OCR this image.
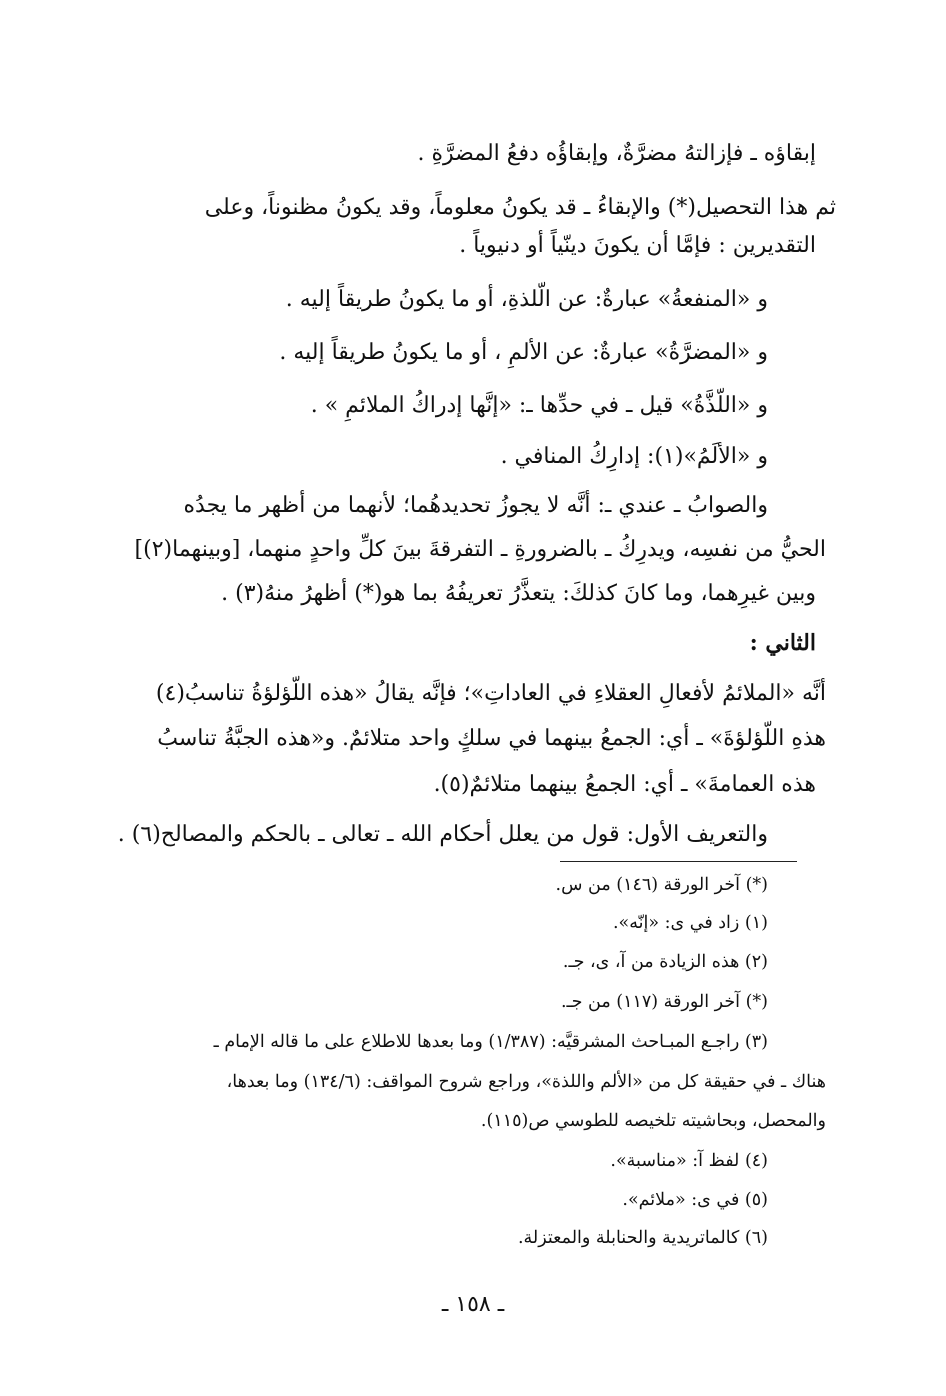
إبقاؤه ـ فإزالتهُ مضرَّةٌ، وإبقاؤُه دفعُ المضرَّةِ .
ثم هذا التحصيل(*) والإبقاءُ ـ قد يكونُ معلوماً، وقد يكونُ مظنوناً، وعلى
التقديرين : فإمَّا أن يكونَ دينّياً أو دنيوياً .
و «المنفعةُ» عبارةٌ: عن الّلذةِ، أو ما يكونُ طريقاً إليه .
و «المضرَّةُ» عبارةٌ: عن الألمِ ، أو ما يكونُ طريقاً إليه .
و «اللّذَّةُ» قيل ـ في حدِّها ـ: «إنَّها إدراكُ الملائمِ » .
و «الألَمُ»(١): إدارِكُ المنافي .
والصوابُ ـ عندي ـ: أنَّه لا يجوزُ تحديدهُما؛ لأنهما من أظهر ما يجدُه
الحيُّ من نفسِه، ويدرِكُ ـ بالضرورةِ ـ التفرقةَ بينَ كلِّ واحدٍ منهما، [وبينهما(٢)]
وبين غيرِهما، وما كانَ كذلكَ: يتعذَّرُ تعريفُهُ بما هو(*) أظهرُ منهُ(٣) .
الثاني :
أنَّه «الملائمُ لأفعالِ العقلاءِ في العاداتِ»؛ فإنَّه يقالُ «هذه اللّؤلؤةُ تناسبُ(٤)
هذهِ اللّؤلؤةَ» ـ أي: الجمعُ بينهما في سلكٍ واحد متلائمٌ. و«هذه الجبَّةُ تناسبُ
هذه العمامةَ» ـ أي: الجمعُ بينهما متلائمٌ(٥).
والتعريف الأول: قول من يعلل أحكام الله ـ تعالى ـ بالحكم والمصالح(٦) .
(*) آخر الورقة (١٤٦) من س.
(١) زاد في ى: «إنّه».
(٢) هذه الزيادة من آ، ى، جـ.
(*) آخر الورقة (١١٧) من جـ.
(٣) راجـع المبـاحث المشرقيَّه: (١/٣٨٧) وما بعدها للاطلاع على ما قاله الإمام ـ
هناك ـ في حقيقة كل من «الألم واللذة»، وراجع شروح المواقف: (١٣٤/٦) وما بعدها،
والمحصل، وبحاشيته تلخيصه للطوسي ص(١١٥).
(٤) لفظ آ: «مناسبة».
(٥) في ى: «ملائم».
(٦) كالماتريدية والحنابلة والمعتزلة.
ـ ١٥٨ ـ
